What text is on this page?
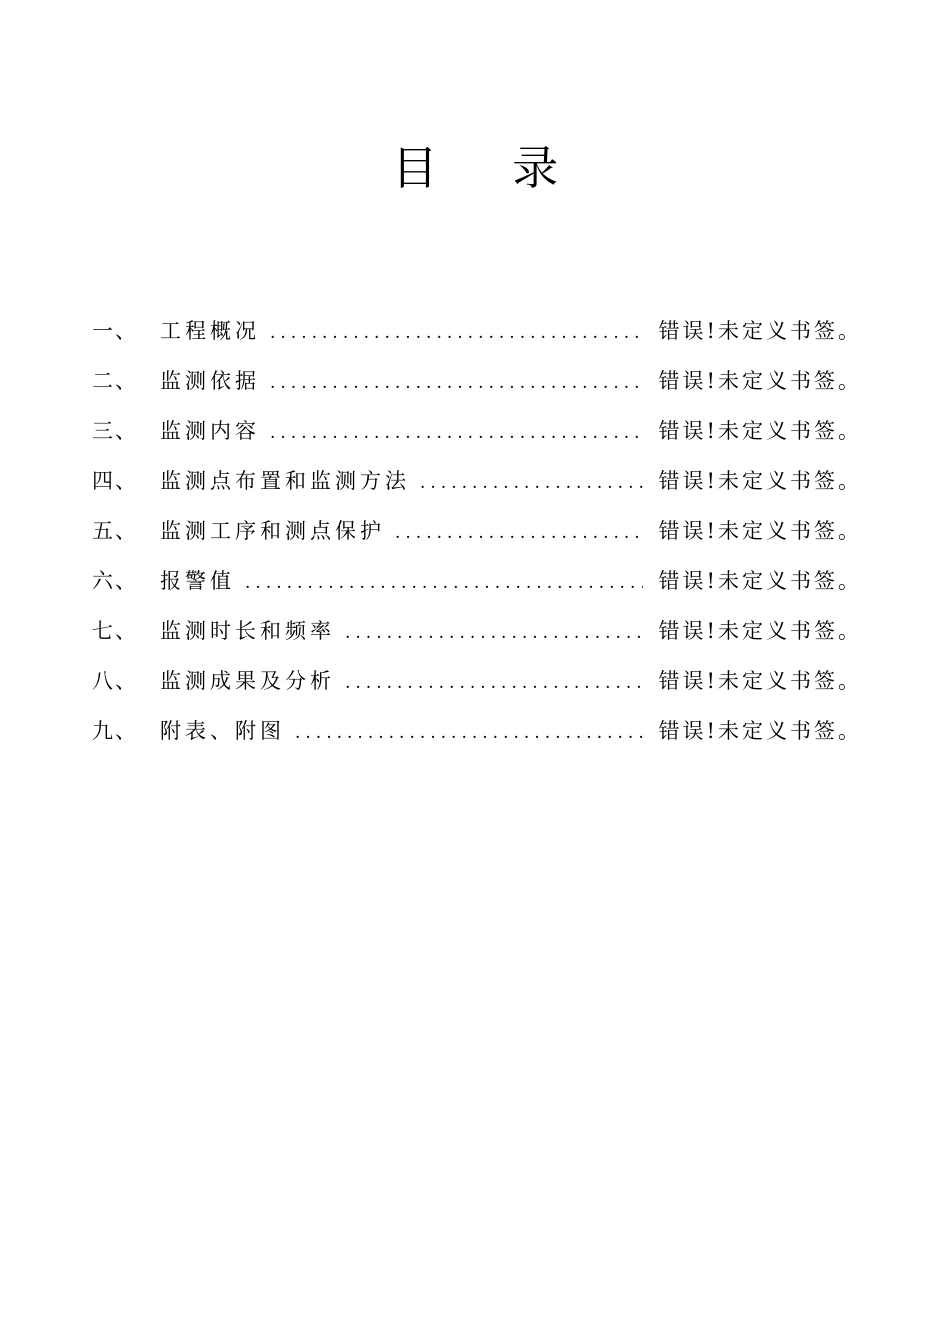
目 录
一、	工程概况 .....	错误!未定义书签。
二、	监测依据 .....	错误!未定义书签。
三、	监测内容 .....	错误!未定义书签。
四、	监测点布置和监测方法 .....	错误!未定义书签。
五、	监测工序和测点保护 .....	错误!未定义书签。
六、	报警值 .....	错误!未定义书签。
七、	监测时长和频率 .....	错误!未定义书签。
八、	监测成果及分析 .....	错误!未定义书签。
九、	附表、附图 .....	错误!未定义书签。
